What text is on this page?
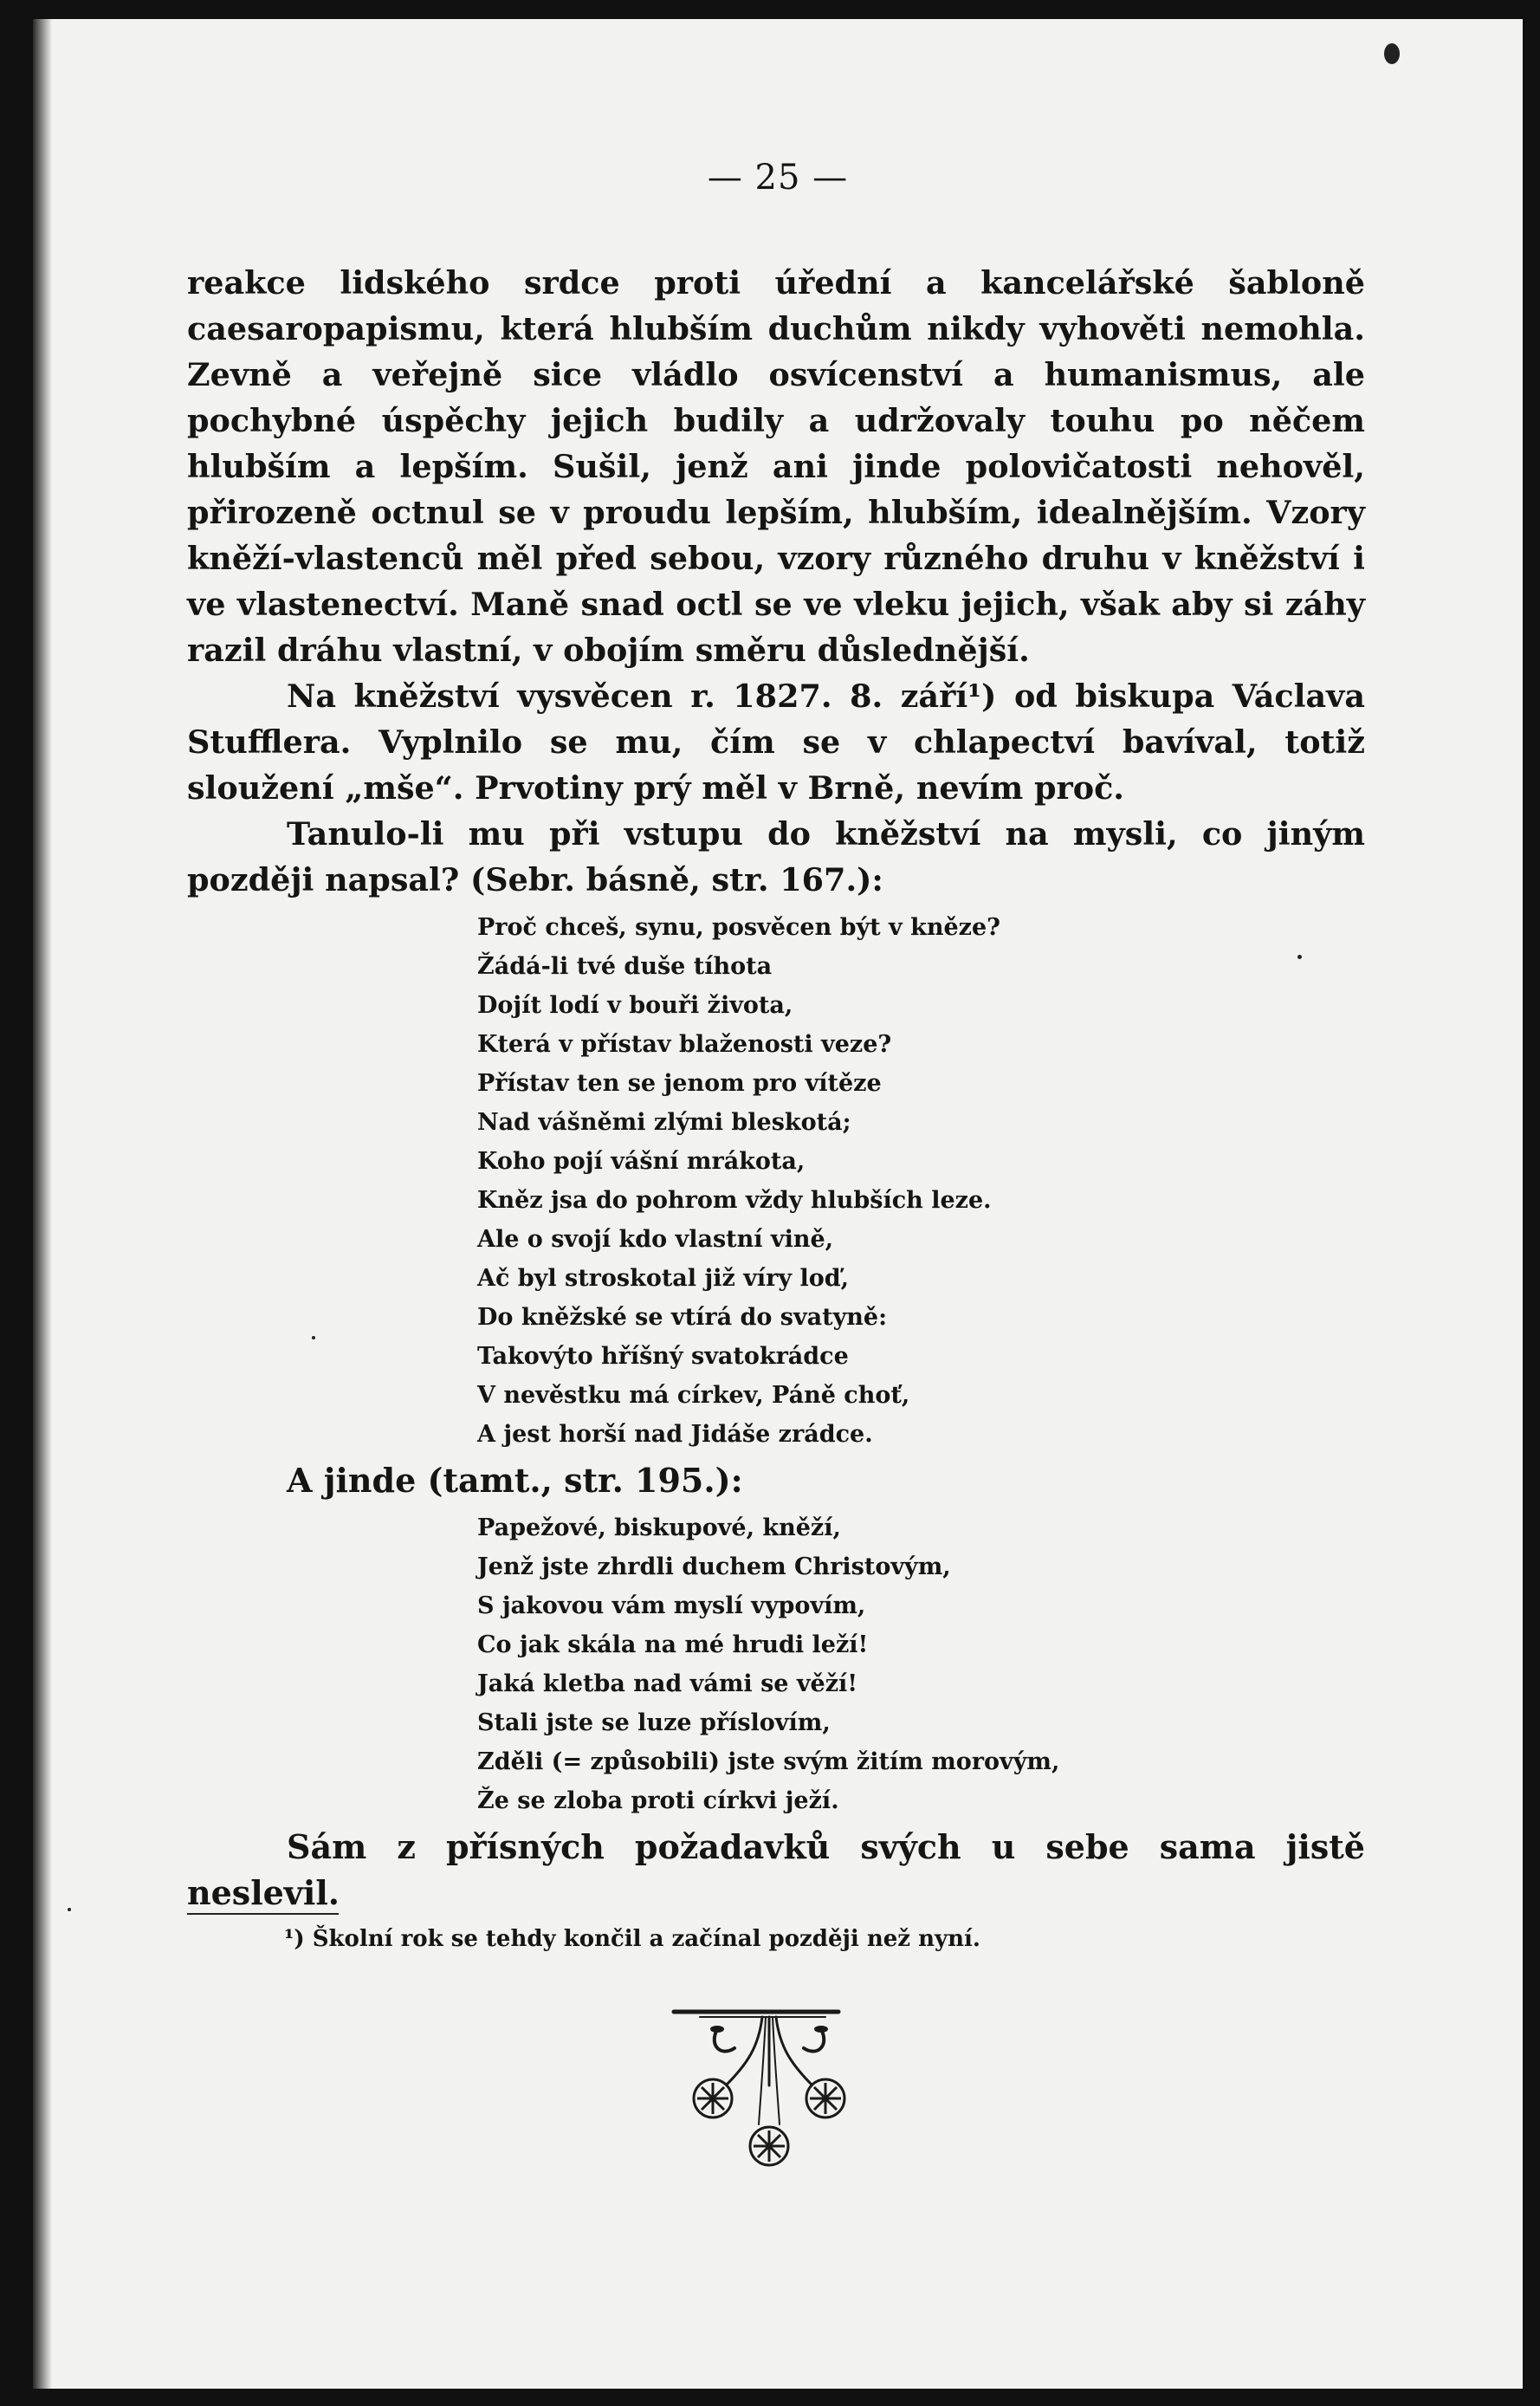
— 25 —

reakce lidského srdce proti úřední a kancelářské šabloně caesaropapismu, která hlubším duchům nikdy vyhověti nemohla. Zevně a veřejně sice vládlo osvícenství a humanismus, ale pochybné úspěchy jejich budily a udržovaly touhu po něčem hlubším a lepším. Sušil, jenž ani jinde polovičatosti nehověl, přirozeně octnul se v proudu lepším, hlubším, idealnějším. Vzory kněží-vlastenců měl před sebou, vzory různého druhu v kněžství i ve vlastenectví. Maně snad octl se ve vleku jejich, však aby si záhy razil dráhu vlastní, v obojím směru důslednější.

Na kněžství vysvěcen r. 1827. 8. září¹) od biskupa Václava Stufflera. Vyplnilo se mu, čím se v chlapectví bavíval, totiž sloužení „mše“. Prvotiny prý měl v Brně, nevím proč.

Tanulo-li mu při vstupu do kněžství na mysli, co jiným později napsal? (Sebr. básně, str. 167.):

Proč chceš, synu, posvěcen být v kněze?
Žádá-li tvé duše tíhota
Dojít lodí v bouři života,
Která v přístav blaženosti veze?
Přístav ten se jenom pro vítěze
Nad vášněmi zlými bleskotá;
Koho pojí vášní mrákota,
Kněz jsa do pohrom vždy hlubších leze.
Ale o svojí kdo vlastní vině,
Ač byl stroskotal již víry loď,
Do kněžské se vtírá do svatyně:
Takovýto hříšný svatokrádce
V nevěstku má církev, Páně choť,
A jest horší nad Jidáše zrádce.

A jinde (tamt., str. 195.):

Papežové, biskupové, kněží,
Jenž jste zhrdli duchem Christovým,
S jakovou vám myslí vypovím,
Co jak skála na mé hrudi leží!
Jaká kletba nad vámi se věží!
Stali jste se luze příslovím,
Zděli (= způsobili) jste svým žitím morovým,
Že se zloba proti církvi ježí.

Sám z přísných požadavků svých u sebe sama jistě neslevil.

¹) Školní rok se tehdy končil a začínal později než nyní.
